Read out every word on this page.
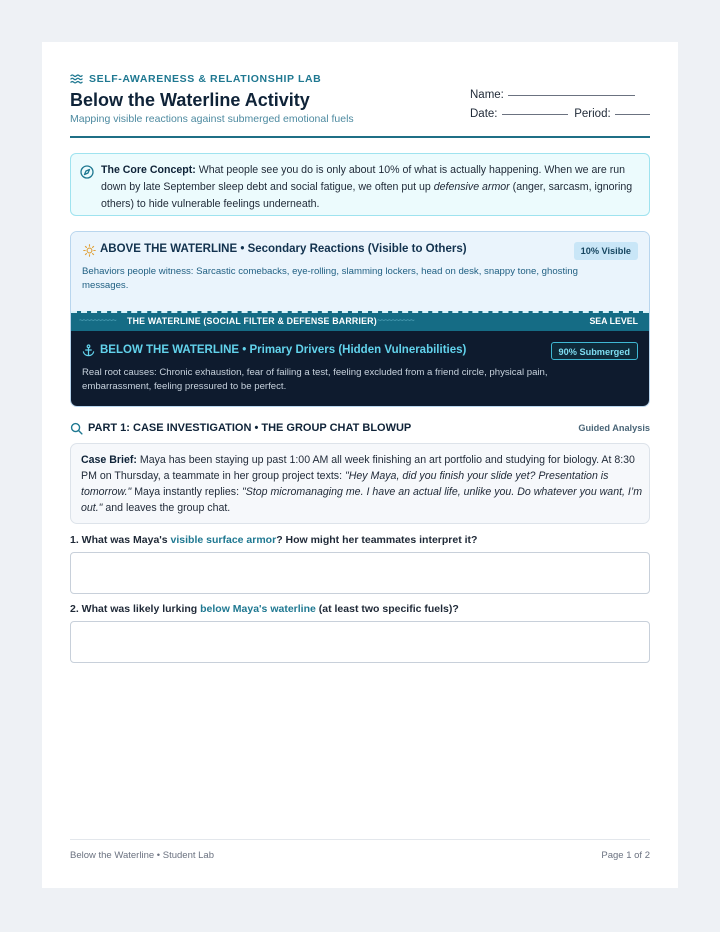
SELF-AWARENESS & RELATIONSHIP LAB
Below the Waterline Activity
Mapping visible reactions against submerged emotional fuels
Name:
Date:	Period:

The Core Concept: What people see you do is only about 10% of what is actually happening. When we are run down by late September sleep debt and social fatigue, we often put up defensive armor (anger, sarcasm, ignoring others) to hide vulnerable feelings underneath.

ABOVE THE WATERLINE • Secondary Reactions (Visible to Others)	10% Visible
Behaviors people witness: Sarcastic comebacks, eye-rolling, slamming lockers, head on desk, snappy tone, ghosting messages.
~~~~~~~~~~ THE WATERLINE (SOCIAL FILTER & DEFENSE BARRIER) ~~~~~~~~~~	SEA LEVEL
BELOW THE WATERLINE • Primary Drivers (Hidden Vulnerabilities)	90% Submerged
Real root causes: Chronic exhaustion, fear of failing a test, feeling excluded from a friend circle, physical pain, embarrassment, feeling pressured to be perfect.
PART 1: CASE INVESTIGATION • THE GROUP CHAT BLOWUP	Guided Analysis

Case Brief: Maya has been staying up past 1:00 AM all week finishing an art portfolio and studying for biology. At 8:30 PM on Thursday, a teammate in her group project texts: "Hey Maya, did you finish your slide yet? Presentation is tomorrow." Maya instantly replies: "Stop micromanaging me. I have an actual life, unlike you. Do whatever you want, I’m out." and leaves the group chat.

1. What was Maya's visible surface armor? How might her teammates interpret it?
2. What was likely lurking below Maya's waterline (at least two specific fuels)?
Below the Waterline • Student Lab	Page 1 of 2
